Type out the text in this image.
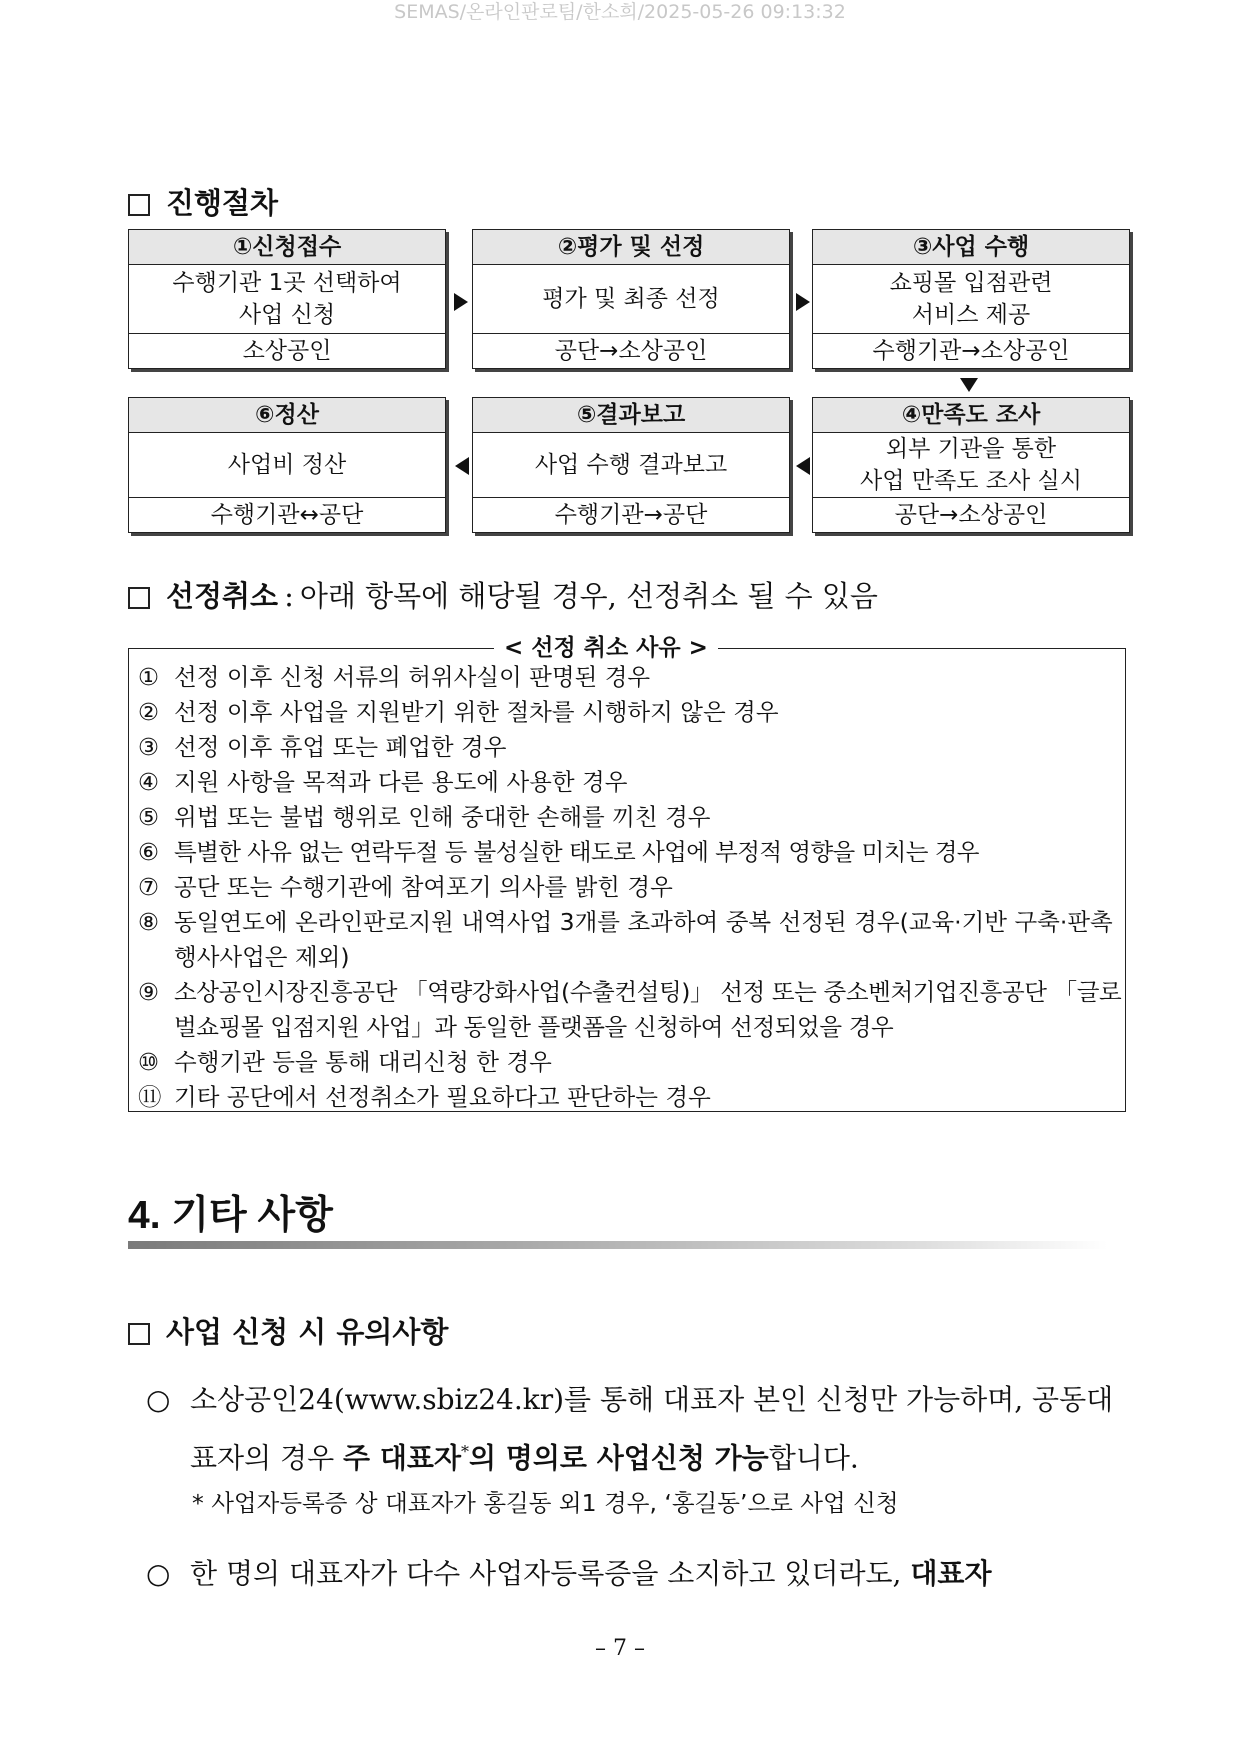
SEMAS/온라인판로팀/한소희/2025-05-26 09:13:32
진행절차
①신청접수
수행기관 1곳 선택하여
사업 신청
소상공인
②평가 및 선정
평가 및 최종 선정
공단→소상공인
③사업 수행
쇼핑몰 입점관련
서비스 제공
수행기관→소상공인
⑥정산
사업비 정산
수행기관↔공단
⑤결과보고
사업 수행 결과보고
수행기관→공단
④만족도 조사
외부 기관을 통한
사업 만족도 조사 실시
공단→소상공인
선정취소 : 아래 항목에 해당될 경우, 선정취소 될 수 있음
< 선정 취소 사유 >
① 선정 이후 신청 서류의 허위사실이 판명된 경우
② 선정 이후 사업을 지원받기 위한 절차를 시행하지 않은 경우
③ 선정 이후 휴업 또는 폐업한 경우
④ 지원 사항을 목적과 다른 용도에 사용한 경우
⑤ 위법 또는 불법 행위로 인해 중대한 손해를 끼친 경우
⑥ 특별한 사유 없는 연락두절 등 불성실한 태도로 사업에 부정적 영향을 미치는 경우
⑦ 공단 또는 수행기관에 참여포기 의사를 밝힌 경우
⑧ 동일연도에 온라인판로지원 내역사업 3개를 초과하여 중복 선정된 경우(교육·기반 구축·판촉행사사업은 제외)
⑨ 소상공인시장진흥공단 「역량강화사업(수출컨설팅)」 선정 또는 중소벤처기업진흥공단 「글로벌쇼핑몰 입점지원 사업」과 동일한 플랫폼을 신청하여 선정되었을 경우
⑩ 수행기관 등을 통해 대리신청 한 경우
⑪ 기타 공단에서 선정취소가 필요하다고 판단하는 경우
4. 기타 사항
사업 신청 시 유의사항
○ 소상공인24(www.sbiz24.kr)를 통해 대표자 본인 신청만 가능하며, 공동대표자의 경우 주 대표자*의 명의로 사업신청 가능합니다.
* 사업자등록증 상 대표자가 홍길동 외1 경우, ‘홍길동’으로 사업 신청
○ 한 명의 대표자가 다수 사업자등록증을 소지하고 있더라도, 대표자
– 7 –
